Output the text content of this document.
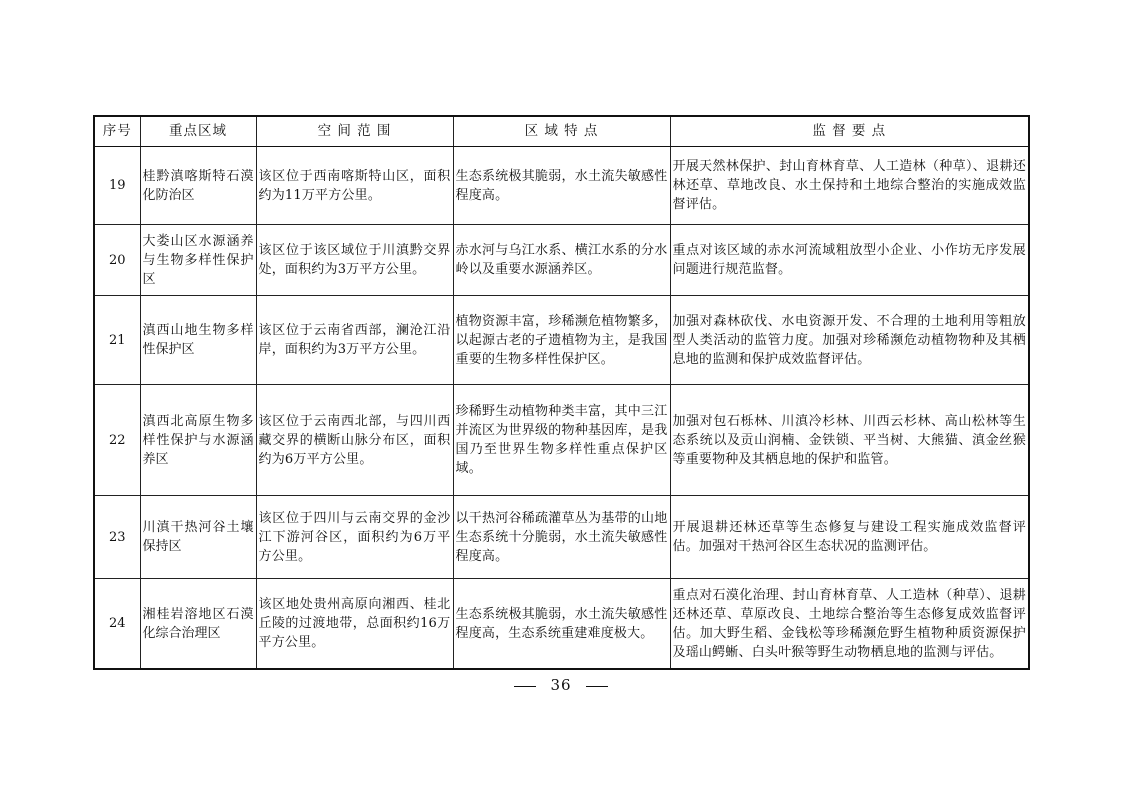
序号	重点区域	空 间 范 围	区 域 特 点	监 督 要 点
19	桂黔滇喀斯特石漠化防治区	该区位于西南喀斯特山区，面积约为11万平方公里。	生态系统极其脆弱，水土流失敏感性程度高。	开展天然林保护、封山育林育草、人工造林（种草）、退耕还林还草、草地改良、水土保持和土地综合整治的实施成效监督评估。
20	大娄山区水源涵养与生物多样性保护区	该区位于该区域位于川滇黔交界处，面积约为3万平方公里。	赤水河与乌江水系、横江水系的分水岭以及重要水源涵养区。	重点对该区域的赤水河流域粗放型小企业、小作坊无序发展问题进行规范监督。
21	滇西山地生物多样性保护区	该区位于云南省西部，澜沧江沿岸，面积约为3万平方公里。	植物资源丰富，珍稀濒危植物繁多，以起源古老的孑遗植物为主，是我国重要的生物多样性保护区。	加强对森林砍伐、水电资源开发、不合理的土地利用等粗放型人类活动的监管力度。加强对珍稀濒危动植物物种及其栖息地的监测和保护成效监督评估。
22	滇西北高原生物多样性保护与水源涵养区	该区位于云南西北部，与四川西藏交界的横断山脉分布区，面积约为6万平方公里。	珍稀野生动植物种类丰富，其中三江并流区为世界级的物种基因库，是我国乃至世界生物多样性重点保护区域。	加强对包石栎林、川滇冷杉林、川西云杉林、高山松林等生态系统以及贡山润楠、金铁锁、平当树、大熊猫、滇金丝猴等重要物种及其栖息地的保护和监管。
23	川滇干热河谷土壤保持区	该区位于四川与云南交界的金沙江下游河谷区，面积约为6万平方公里。	以干热河谷稀疏灌草丛为基带的山地生态系统十分脆弱，水土流失敏感性程度高。	开展退耕还林还草等生态修复与建设工程实施成效监督评估。加强对干热河谷区生态状况的监测评估。
24	湘桂岩溶地区石漠化综合治理区	该区地处贵州高原向湘西、桂北丘陵的过渡地带，总面积约16万平方公里。	生态系统极其脆弱，水土流失敏感性程度高，生态系统重建难度极大。	重点对石漠化治理、封山育林育草、人工造林（种草）、退耕还林还草、草原改良、土地综合整治等生态修复成效监督评估。加大野生稻、金钱松等珍稀濒危野生植物种质资源保护及瑶山鳄蜥、白头叶猴等野生动物栖息地的监测与评估。
36
